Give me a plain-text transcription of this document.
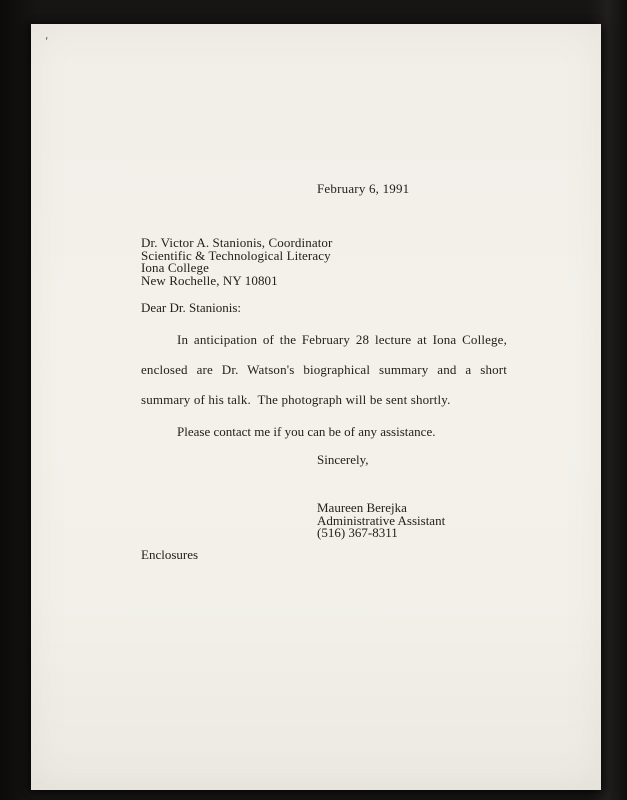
'
February 6, 1991
Dr. Victor A. Stanionis, Coordinator
Scientific & Technological Literacy
Iona College
New Rochelle, NY 10801
Dear Dr. Stanionis:
In anticipation of the February 28 lecture at Iona College,
enclosed are Dr. Watson's biographical summary and a short
summary of his talk.  The photograph will be sent shortly.
Please contact me if you can be of any assistance.
Sincerely,
Maureen Berejka
Administrative Assistant
(516) 367-8311
Enclosures
